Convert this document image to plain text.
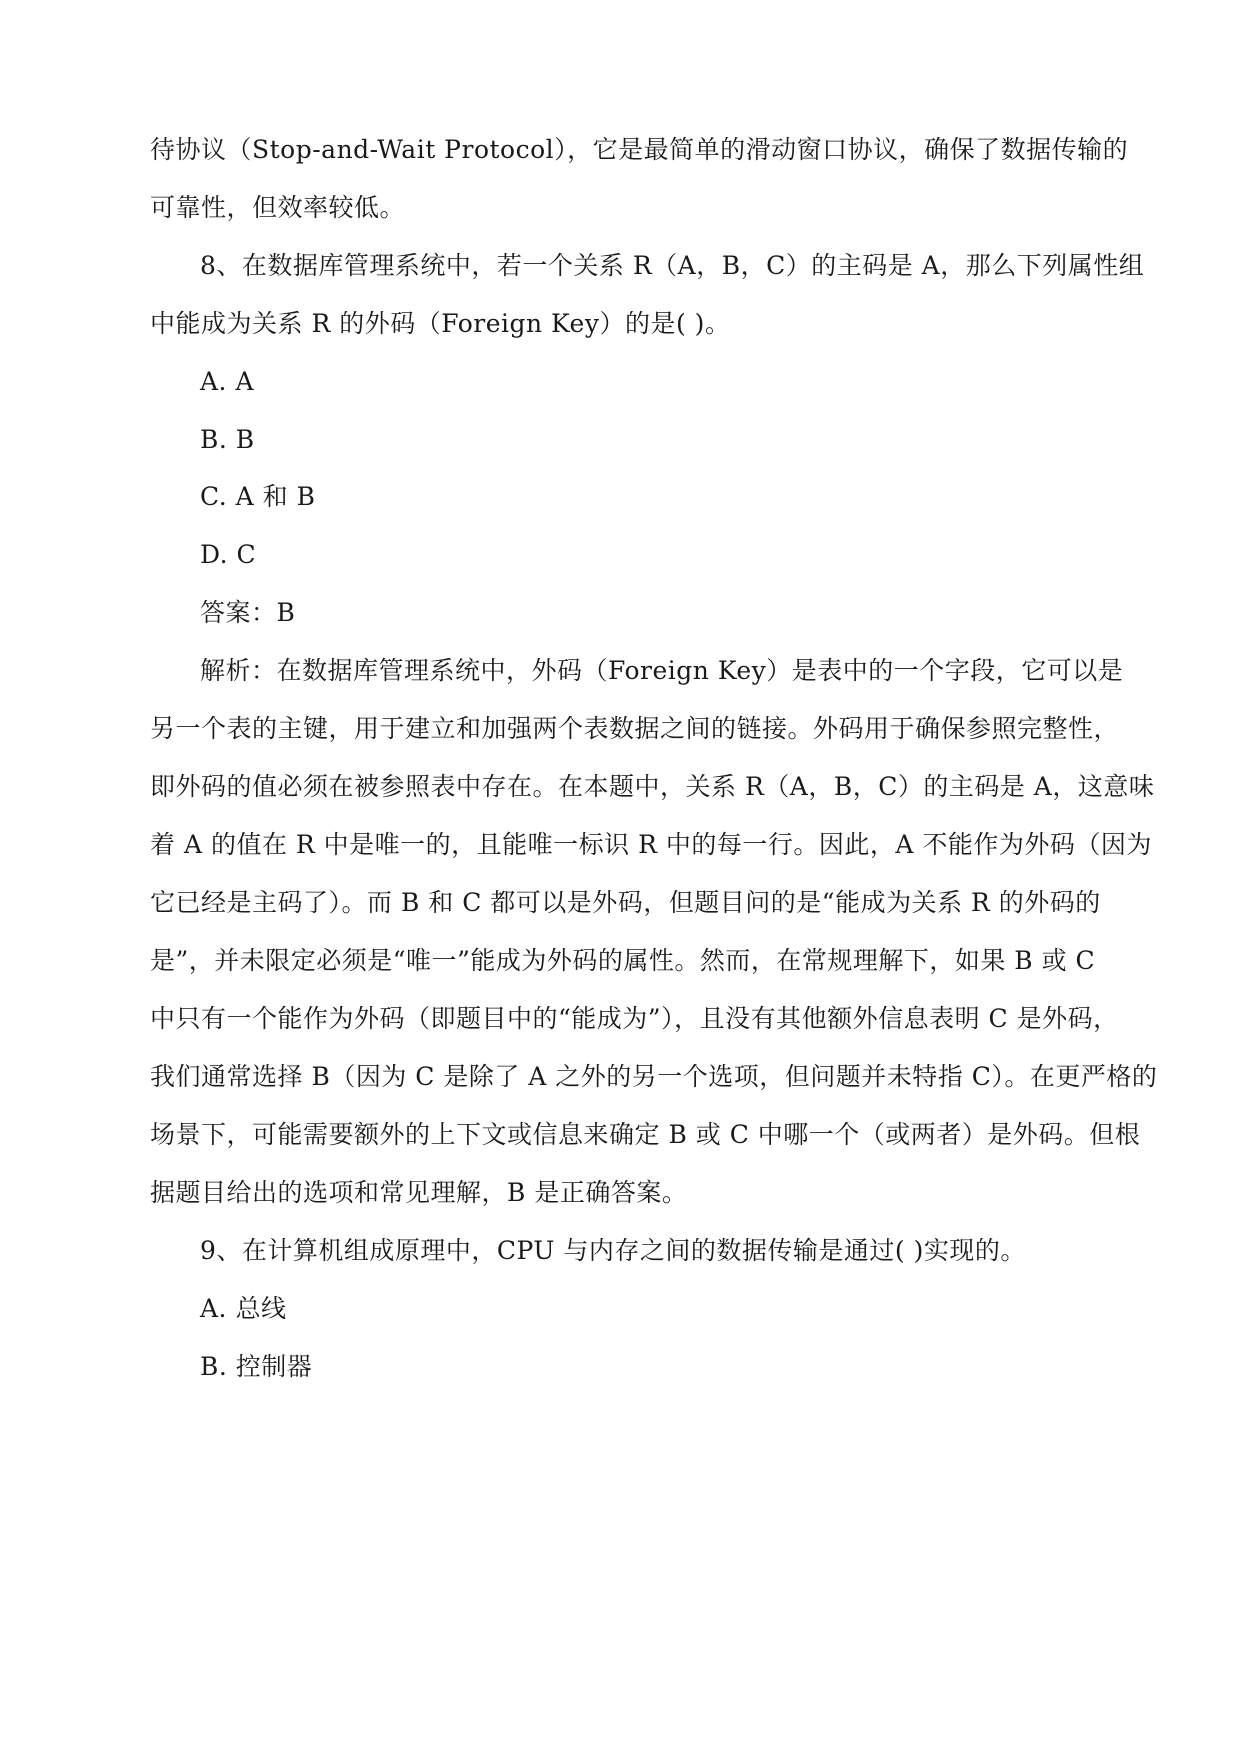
待协议（Stop-and-Wait Protocol），它是最简单的滑动窗口协议，确保了数据传输的
可靠性，但效率较低。
8、在数据库管理系统中，若一个关系 R（A，B，C）的主码是 A，那么下列属性组
中能成为关系 R 的外码（Foreign Key）的是( )。
A. A
B. B
C. A 和 B
D. C
答案：B
解析：在数据库管理系统中，外码（Foreign Key）是表中的一个字段，它可以是
另一个表的主键，用于建立和加强两个表数据之间的链接。外码用于确保参照完整性，
即外码的值必须在被参照表中存在。在本题中，关系 R（A，B，C）的主码是 A，这意味
着 A 的值在 R 中是唯一的，且能唯一标识 R 中的每一行。因此，A 不能作为外码（因为
它已经是主码了）。而 B 和 C 都可以是外码，但题目问的是“能成为关系 R 的外码的
是”，并未限定必须是“唯一”能成为外码的属性。然而，在常规理解下，如果 B 或 C
中只有一个能作为外码（即题目中的“能成为”），且没有其他额外信息表明 C 是外码，
我们通常选择 B（因为 C 是除了 A 之外的另一个选项，但问题并未特指 C）。在更严格的
场景下，可能需要额外的上下文或信息来确定 B 或 C 中哪一个（或两者）是外码。但根
据题目给出的选项和常见理解，B 是正确答案。
9、在计算机组成原理中，CPU 与内存之间的数据传输是通过( )实现的。
A. 总线
B. 控制器
